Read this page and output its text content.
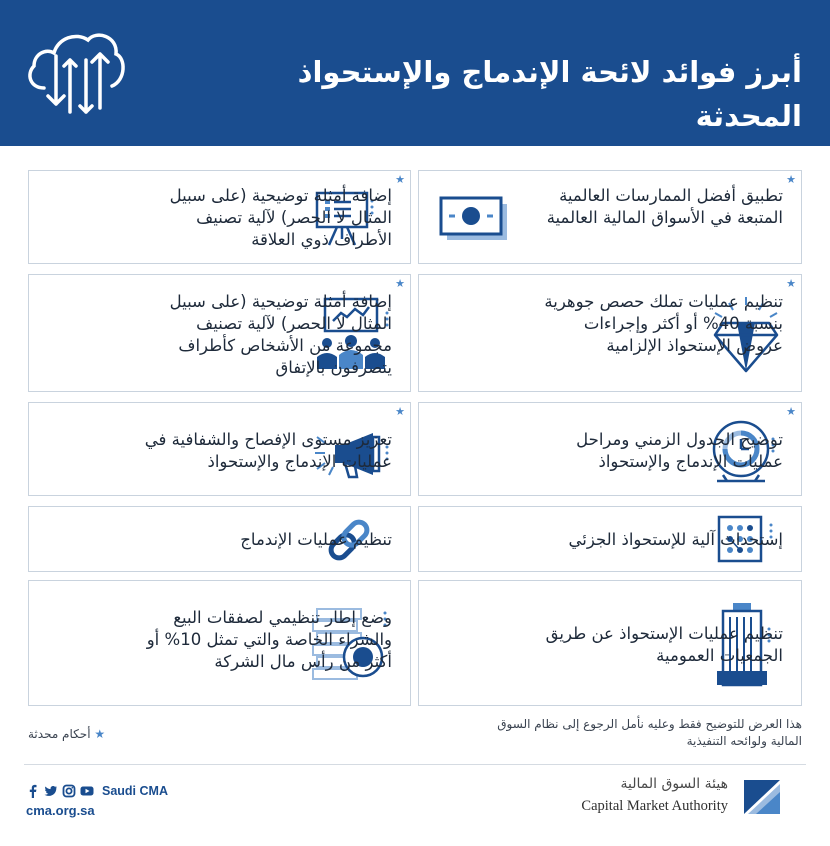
أبرز فوائد لائحة الإندماج والإستحواذ المحدثة
★
تطبيق أفضل الممارسات العالمية المتبعة في الأسواق المالية العالمية
★
إضافة أمثلة توضيحية (على سبيل المثال لا الحصر) لآلية تصنيف الأطراف ذوي العلاقة
★
تنظيم عمليات تملك حصص جوهرية بنسبة 40% أو أكثر وإجراءات عروض الإستحواذ الإلزامية
★
إضافة أمثلة توضيحية (على سبيل المثال لا الحصر) لآلية تصنيف مجموعة من الأشخاص كأطراف يتصرفون بالإتفاق
★
توضيح الجدول الزمني ومراحل عمليات الإندماج والإستحواذ
★
تعزيز مستوى الإفصاح والشفافية في عمليات الإندماج والإستحواذ
إستحداث آلية للإستحواذ الجزئي
تنظيم عمليات الإندماج
تنظيم عمليات الإستحواذ عن طريق الجمعيات العمومية
وضع إطار تنظيمي لصفقات البيع والشراء الخاصة والتي تمثل 10% أو أكثر من رأس مال الشركة
هذا العرض للتوضيح فقط وعليه نأمل الرجوع إلى نظام السوق المالية ولوائحه التنفيذية
★ أحكام محدثة
Saudi CMA
cma.org.sa
هيئة السوق المالية
Capital Market Authority
